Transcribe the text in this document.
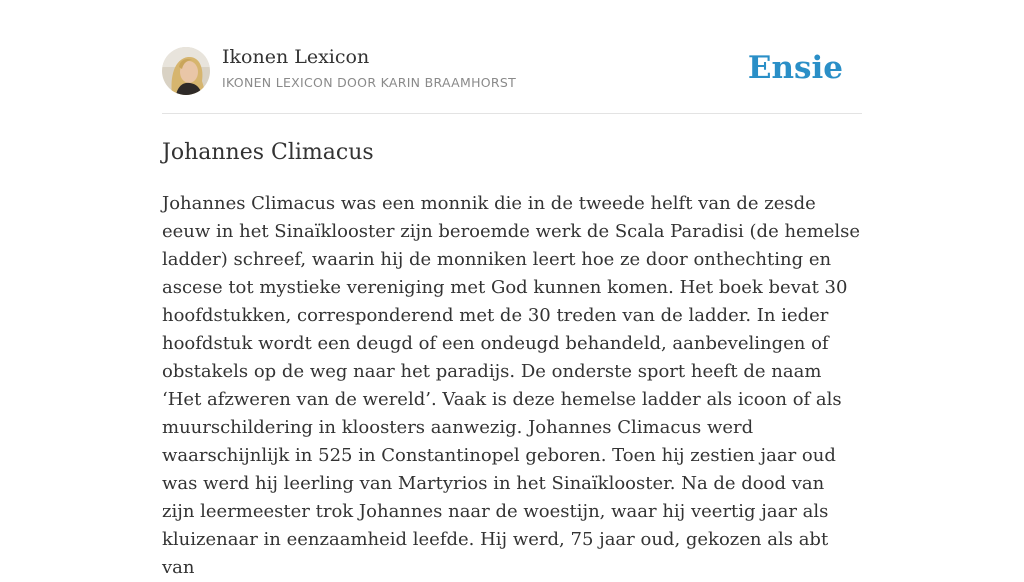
Ikonen Lexicon
IKONEN LEXICON DOOR KARIN BRAAMHORST	Ensie
Johannes Climacus

Johannes Climacus was een monnik die in de tweede helft van de zesde eeuw in het Sinaïklooster zijn beroemde werk de Scala Paradisi (de hemelse ladder) schreef, waarin hij de monniken leert hoe ze door onthechting en ascese tot mystieke vereniging met God kunnen komen. Het boek bevat 30 hoofdstukken, corresponderend met de 30 treden van de ladder. In ieder hoofdstuk wordt een deugd of een ondeugd behandeld, aanbevelingen of obstakels op de weg naar het paradijs. De onderste sport heeft de naam ‘Het afzweren van de wereld’. Vaak is deze hemelse ladder als icoon of als muurschildering in kloosters aanwezig. Johannes Climacus werd waarschijnlijk in 525 in Constantinopel geboren. Toen hij zestien jaar oud was werd hij leerling van Martyrios in het Sinaïklooster. Na de dood van zijn leermeester trok Johannes naar de woestijn, waar hij veertig jaar als kluizenaar in eenzaamheid leefde. Hij werd, 75 jaar oud, gekozen als abt van
